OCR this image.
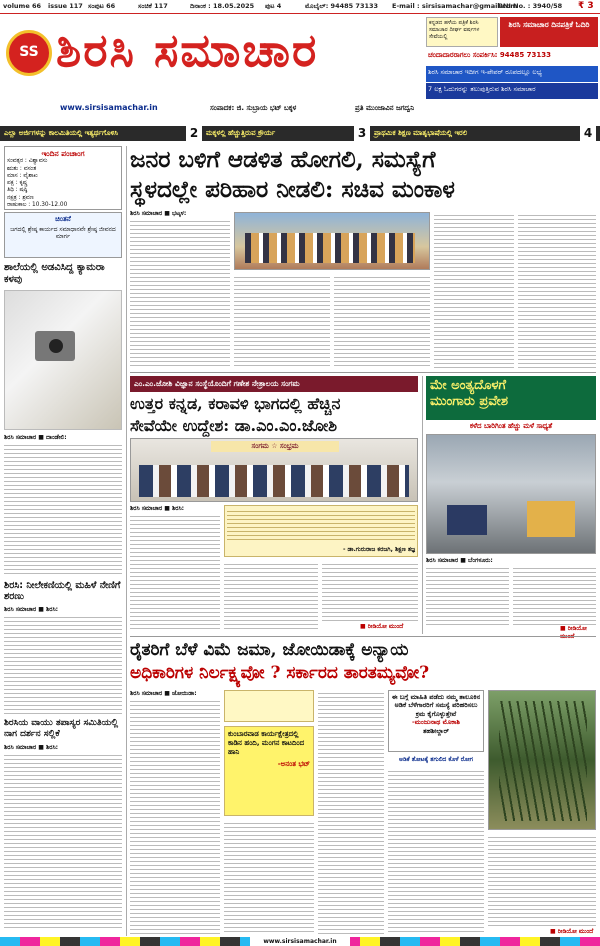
volume 66 issue 117 ಸಂಪುಟ 66	ಸಂಚಿಕೆ 117	ದಿನಾಂಕ : 18.05.2025 ಪುಟ 4	ಮೊಬೈಲ್: 94485 73133 E-mail : sirsisamachar@gmail.com
RNI No. : 3940/58 ₹ 3
SS ಶಿರಸಿ ಸಮಾಚಾರ
www.sirsisamachar.in	ಸಂಪಾದಕ: ಜಿ. ಸುಬ್ರಾಯ ಭಟ್ ಬಕ್ಕಳ	ಪ್ರತಿ ಮುಂಜಾವಿನ ಜಗದ್ವನಿ
ಕನ್ನಡದ ಹಳೆಯ ಪತ್ರಿಕೆ ಶಿರಸಿ ಸಮಾಚಾರ ದೀರ್ಘ ವರ್ಷಗಳ ಸೇವೆಯಲ್ಲಿ
ಶಿರಸಿ ಸಮಾಚಾರ ದಿನಪತ್ರಿಕೆ ಓದಿರಿ
ಚಂದಾದಾರರಾಗಲು ಸಂಪರ್ಕಿಸಿ: 94485 73133
ಶಿರಸಿ ಸಮಾಚಾರ ಇದೀಗ ಇ-ಪೇಪರ್ ರೂಪದಲ್ಲೂ ಲಭ್ಯ
7 ಲಕ್ಷ ಓದುಗರನ್ನು ತಲುಪುತ್ತಿರುವ ಶಿರಸಿ ಸಮಾಚಾರ
ಎಲ್ಲಾ ಅರ್ಜಿಗಳನ್ನು ಕಾಲಮಿತಿಯಲ್ಲಿ ಇತ್ಯರ್ಥಗೊಳಿಸಿ	2	ಮಕ್ಕಳಲ್ಲಿ ಹೆಚ್ಚುತ್ತಿರುವ ಕ್ರೌರ್ಯ	3	ಪ್ರಾಥಮಿಕ ಶಿಕ್ಷಣ ಮಾತೃಭಾಷೆಯಲ್ಲಿ ಇರಲಿ	4
ಇಂದಿನ ಪಂಚಾಂಗ
ಸಂವತ್ಸರ : ವಿಶ್ವಾವಸು
ಋತು : ವಸಂತ
ಮಾಸ : ವೈಶಾಖ
ಪಕ್ಷ : ಕೃಷ್ಣ
ತಿಥಿ : ಷಷ್ಠಿ
ನಕ್ಷತ್ರ : ಶ್ರವಣ
ರಾಹುಕಾಲ : 10.30-12.00
ಚಿಂತನೆ
ಜಗದಲ್ಲಿ ಶ್ರೇಷ್ಠ ಕಾರ್ಯದ ಸಮಾಧಾನವೇ ಶ್ರೇಷ್ಠ ಜೀವನದ ಮಾರ್ಗ
ಶಾಲೆಯಲ್ಲಿ ಅಡವಿಸಿದ್ದ ಕ್ಯಾಮರಾ ಕಳವು
ಶಿರಸಿ ಸಮಾಚಾರ ■ ದಾಂಡೇಲಿ:
ಶಿರಸಿ: ನೀಲೇಕಣಿಯಲ್ಲಿ ಮಹಿಳೆ ನೇಣಿಗೆ ಶರಣು
ಶಿರಸಿ ಸಮಾಚಾರ ■ ಶಿರಸಿ:
ಶಿರಸಿಯ ವಾಯು ತಪಾಸ್ಯರ ಸಮಿತಿಯಲ್ಲಿ ನಾಗ ದರ್ಶನ ಸಲ್ಲಿಕೆ
ಶಿರಸಿ ಸಮಾಚಾರ ■ ಶಿರಸಿ:
ಜನರ ಬಳಿಗೆ ಆಡಳಿತ ಹೋಗಲಿ, ಸಮಸ್ಯೆಗೆ
ಸ್ಥಳದಲ್ಲೇ ಪರಿಹಾರ ನೀಡಲಿ: ಸಚಿವ ಮಂಕಾಳ
ಶಿರಸಿ ಸಮಾಚಾರ ■ ಭಟ್ಕಳ:
ಎಂ.ಎಂ.ಜೋಶಿ ವಿಜ್ಞಾನ ಸಂಸ್ಥೆಯೊಂದಿಗೆ ಗಣೇಶ ನೇತ್ರಾಲಯ ಸಂಗಮ
ಉತ್ತರ ಕನ್ನಡ, ಕರಾವಳಿ ಭಾಗದಲ್ಲಿ ಹೆಚ್ಚಿನ
ಸೇವೆಯೇ ಉದ್ದೇಶ: ಡಾ.ಎಂ.ಎಂ.ಜೋಶಿ
ಸಂಗಮ ☆ ಸಂಭ್ರಮ
ಶಿರಸಿ ಸಮಾಚಾರ ■ ಶಿರಸಿ:
- ಡಾ.ಗುರುರಾಜ ಕರಜಗಿ, ಶಿಕ್ಷಣ ತಜ್ಞ
■ ರೀಡಿಯೋ ಮುಂದೆ
ಮೇ ಅಂತ್ಯದೊಳಗೆ
ಮುಂಗಾರು ಪ್ರವೇಶ
ಕಳೆದ ಬಾರಿಗಿಂತ ಹೆಚ್ಚು ಮಳೆ ಸಾಧ್ಯತೆ
ಶಿರಸಿ ಸಮಾಚಾರ ■ ಬೆಂಗಳೂರು:
■ ರೀಡಿಯೋ
ರೈತರಿಗೆ ಬೆಳೆ ವಿಮೆ ಜಮಾ, ಜೋಯಿಡಾಕ್ಕೆ ಅನ್ಯಾಯ
ಅಧಿಕಾರಿಗಳ ನಿರ್ಲಕ್ಷ್ಯವೋ ? ಸರ್ಕಾರದ ತಾರತಮ್ಯವೋ?
ಶಿರಸಿ ಸಮಾಚಾರ ■ ಜೋಯಿಡಾ:
ಕುಂಬಾರವಾಡ ಕಾರ್ಯಕ್ಷೇತ್ರದಲ್ಲಿ ಕಾಡಿನ ಹಂದಿ, ಮಂಗನ ಕಾಟದಿಂದ ಹಾನಿ
-ಅನಂತ ಭಟ್
ಈ ಬಗ್ಗೆ ಮಾಹಿತಿ ಪಡೆದು ನಮ್ಮ ತಾಲೂಕಿನ ಅಡಿಕೆ ಬೆಳೆಗಾರರಿಗೆ ಸಮಸ್ಯೆ ಪರಿಹರಿಸಲು ಕ್ರಮ ಕೈಗೊಳ್ಳುತ್ತೇವೆ
-ಮಂಜುನಾಥ ಮೊಕಾಶಿ
ತಹಶೀಲ್ದಾರ್
ಅಡಿಕೆ ತೋಟಕ್ಕೆ ತಗುಲಿದ ಕೊಳೆ ರೋಗ
■ ರೀಡಿಯೋ ಮುಂದೆ
www.sirsisamachar.in
